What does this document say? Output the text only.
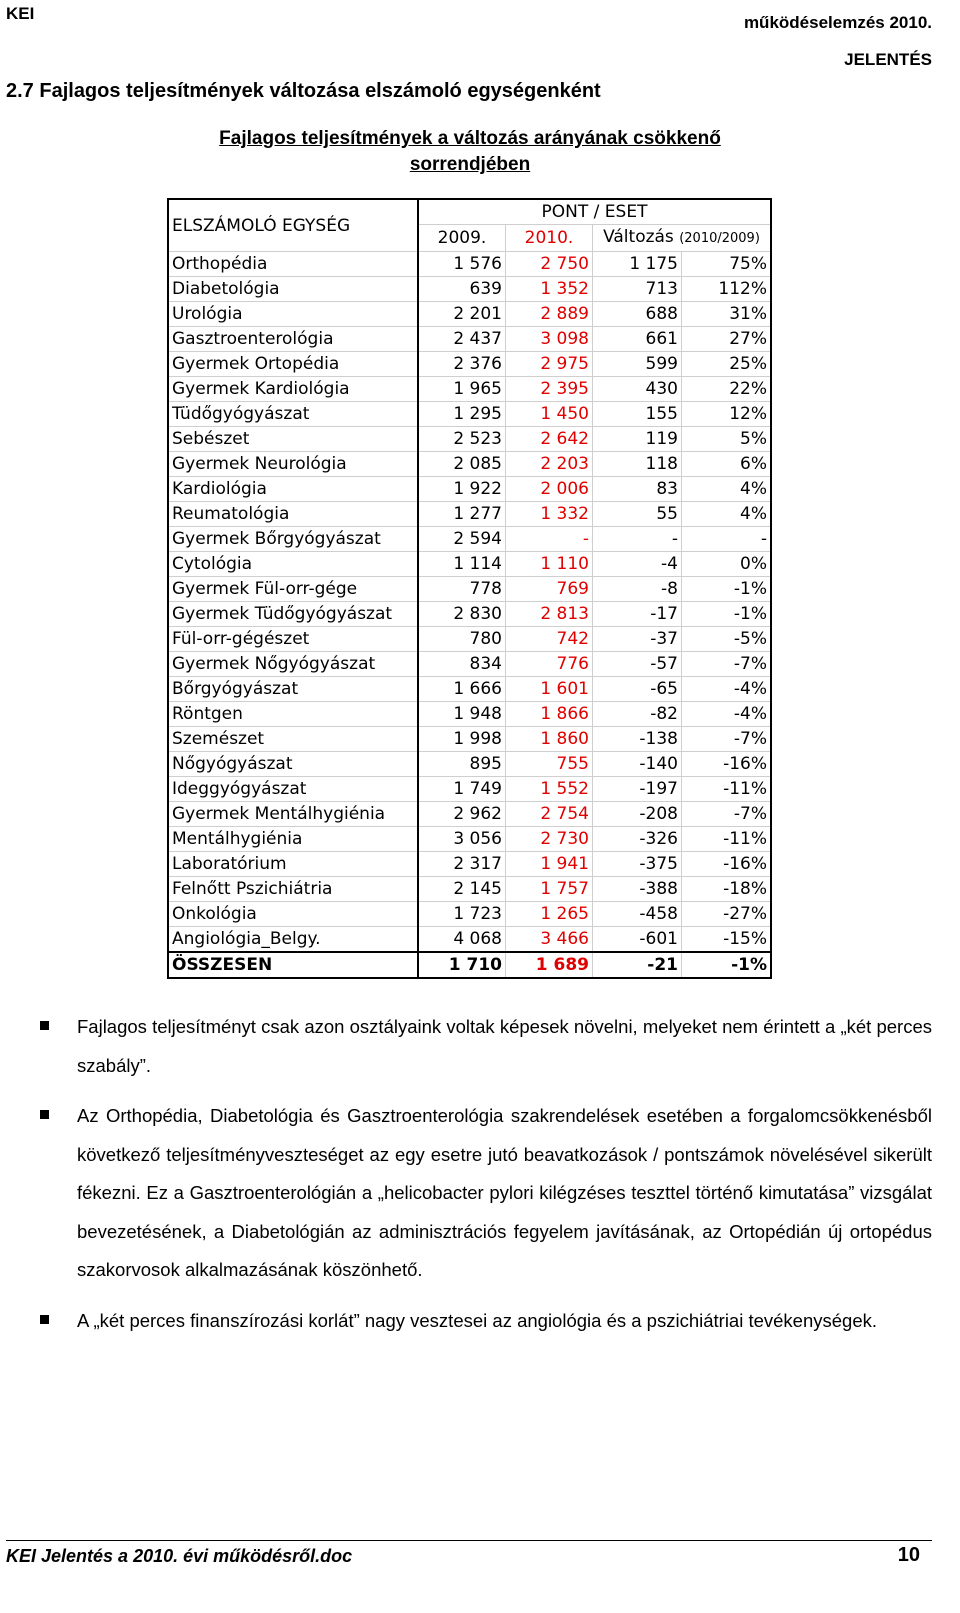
KEI	működéselemzés 2010.
JELENTÉS
2.7 Fajlagos teljesítmények változása elszámoló egységenként
Fajlagos teljesítmények a változás arányának csökkenő sorrendjében
ELSZÁMOLÓ EGYSÉG	PONT / ESET			
	2009.	2010.	Változás (2010/2009)	
Orthopédia	1 576	2 750	1 175	75%
Diabetológia	639	1 352	713	112%
Urológia	2 201	2 889	688	31%
Gasztroenterológia	2 437	3 098	661	27%
Gyermek Ortopédia	2 376	2 975	599	25%
Gyermek Kardiológia	1 965	2 395	430	22%
Tüdőgyógyászat	1 295	1 450	155	12%
Sebészet	2 523	2 642	119	5%
Gyermek Neurológia	2 085	2 203	118	6%
Kardiológia	1 922	2 006	83	4%
Reumatológia	1 277	1 332	55	4%
Gyermek Bőrgyógyászat	2 594	-	-	-
Cytológia	1 114	1 110	-4	0%
Gyermek Fül-orr-gége	778	769	-8	-1%
Gyermek Tüdőgyógyászat	2 830	2 813	-17	-1%
Fül-orr-gégészet	780	742	-37	-5%
Gyermek Nőgyógyászat	834	776	-57	-7%
Bőrgyógyászat	1 666	1 601	-65	-4%
Röntgen	1 948	1 866	-82	-4%
Szemészet	1 998	1 860	-138	-7%
Nőgyógyászat	895	755	-140	-16%
Ideggyógyászat	1 749	1 552	-197	-11%
Gyermek Mentálhygiénia	2 962	2 754	-208	-7%
Mentálhygiénia	3 056	2 730	-326	-11%
Laboratórium	2 317	1 941	-375	-16%
Felnőtt Pszichiátria	2 145	1 757	-388	-18%
Onkológia	1 723	1 265	-458	-27%
Angiológia_Belgy.	4 068	3 466	-601	-15%
ÖSSZESEN	1 710	1 689	-21	-1%
Fajlagos teljesítményt csak azon osztályaink voltak képesek növelni, melyeket nem érintett a „két perces szabály”.
Az Orthopédia, Diabetológia és Gasztroenterológia szakrendelések esetében a forgalomcsökkenésből következő teljesítményveszteséget az egy esetre jutó beavatkozások / pontszámok növelésével sikerült fékezni. Ez a Gasztroenterológián a „helicobacter pylori kilégzéses teszttel történő kimutatása” vizsgálat bevezetésének, a Diabetológián az adminisztrációs fegyelem javításának, az Ortopédián új ortopédus szakorvosok alkalmazásának köszönhető.
A „két perces finanszírozási korlát” nagy vesztesei az angiológia és a pszichiátriai tevékenységek.
KEI Jelentés a 2010. évi működésről.doc	10
